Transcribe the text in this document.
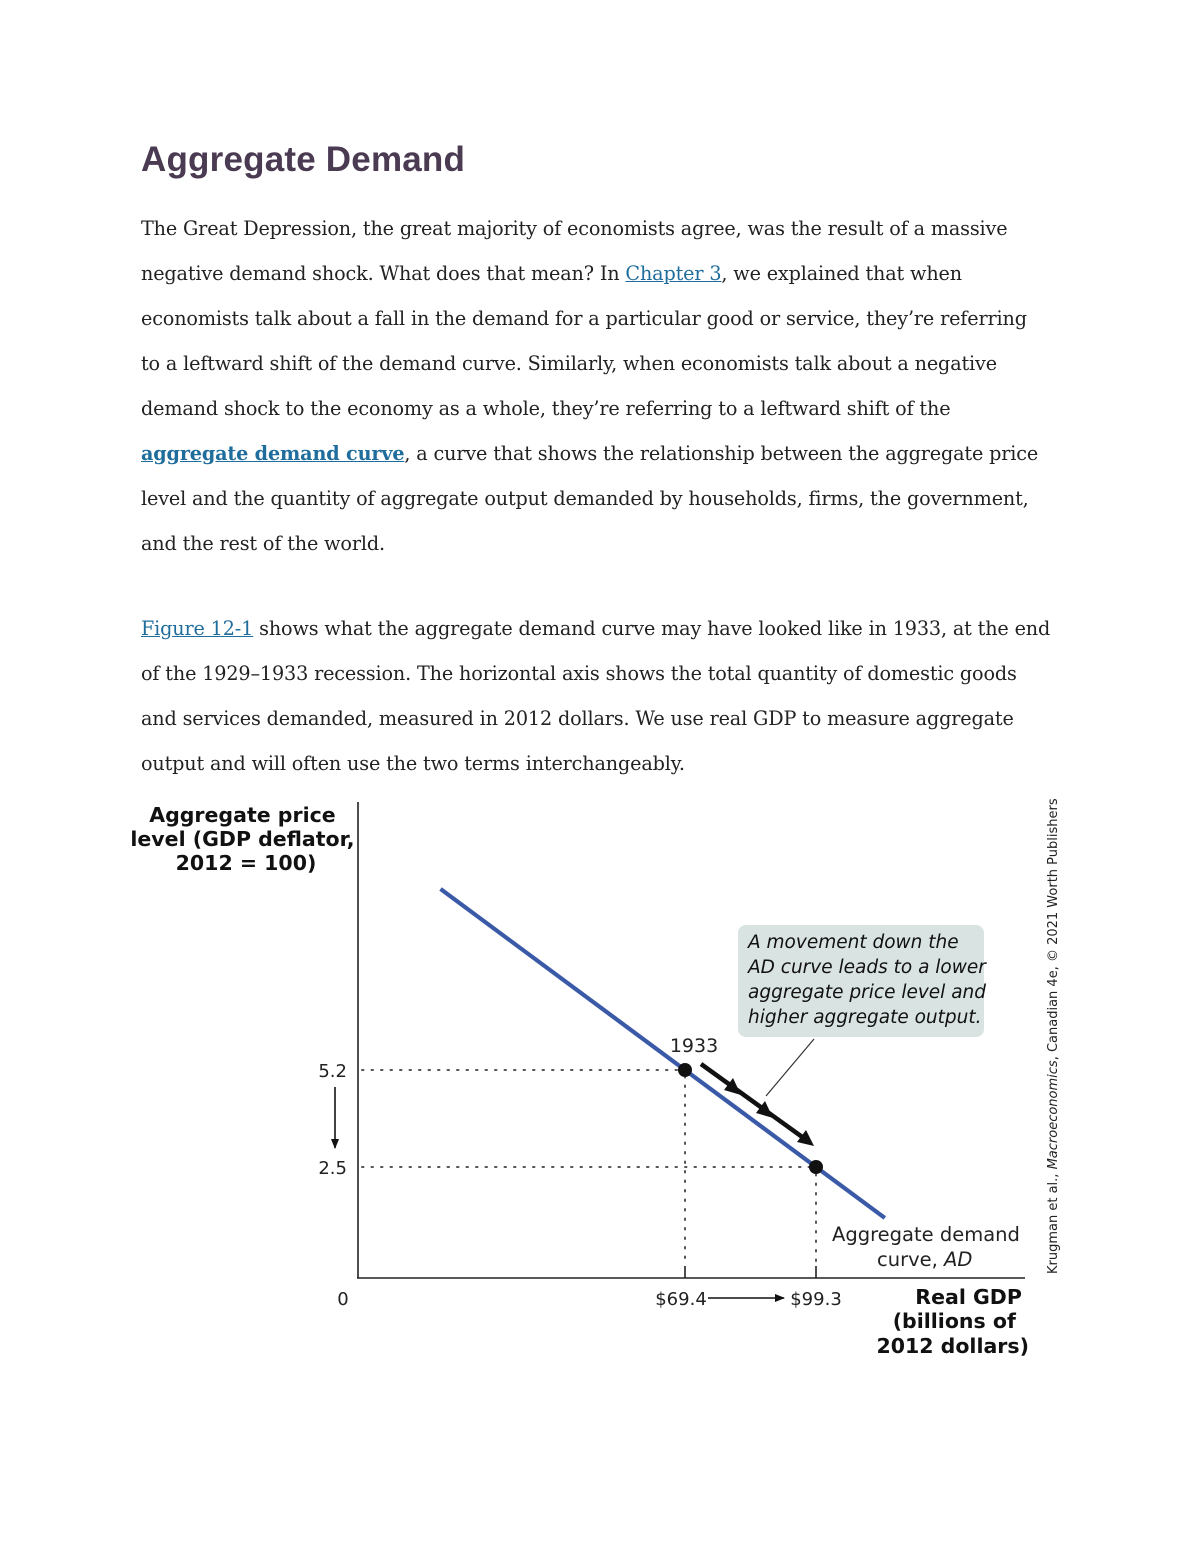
Aggregate Demand

The Great Depression, the great majority of economists agree, was the result of a massive negative demand shock. What does that mean? In Chapter 3, we explained that when economists talk about a fall in the demand for a particular good or service, they’re referring to a leftward shift of the demand curve. Similarly, when economists talk about a negative demand shock to the economy as a whole, they’re referring to a leftward shift of the aggregate demand curve, a curve that shows the relationship between the aggregate price level and the quantity of aggregate output demanded by households, firms, the government, and the rest of the world.

Figure 12-1 shows what the aggregate demand curve may have looked like in 1933, at the end of the 1929–1933 recession. The horizontal axis shows the total quantity of domestic goods and services demanded, measured in 2012 dollars. We use real GDP to measure aggregate output and will often use the two terms interchangeably.

Aggregate price level (GDP deflator, 2012 = 100)
0
5.2
2.5
$69.4	$99.3
1933
A movement down the AD curve leads to a lower aggregate price level and higher aggregate output.
Aggregate demand
curve, AD
Real GDP (billions of 2012 dollars)
Krugman et al., Macroeconomics, Canadian 4e, © 2021 Worth Publishers
